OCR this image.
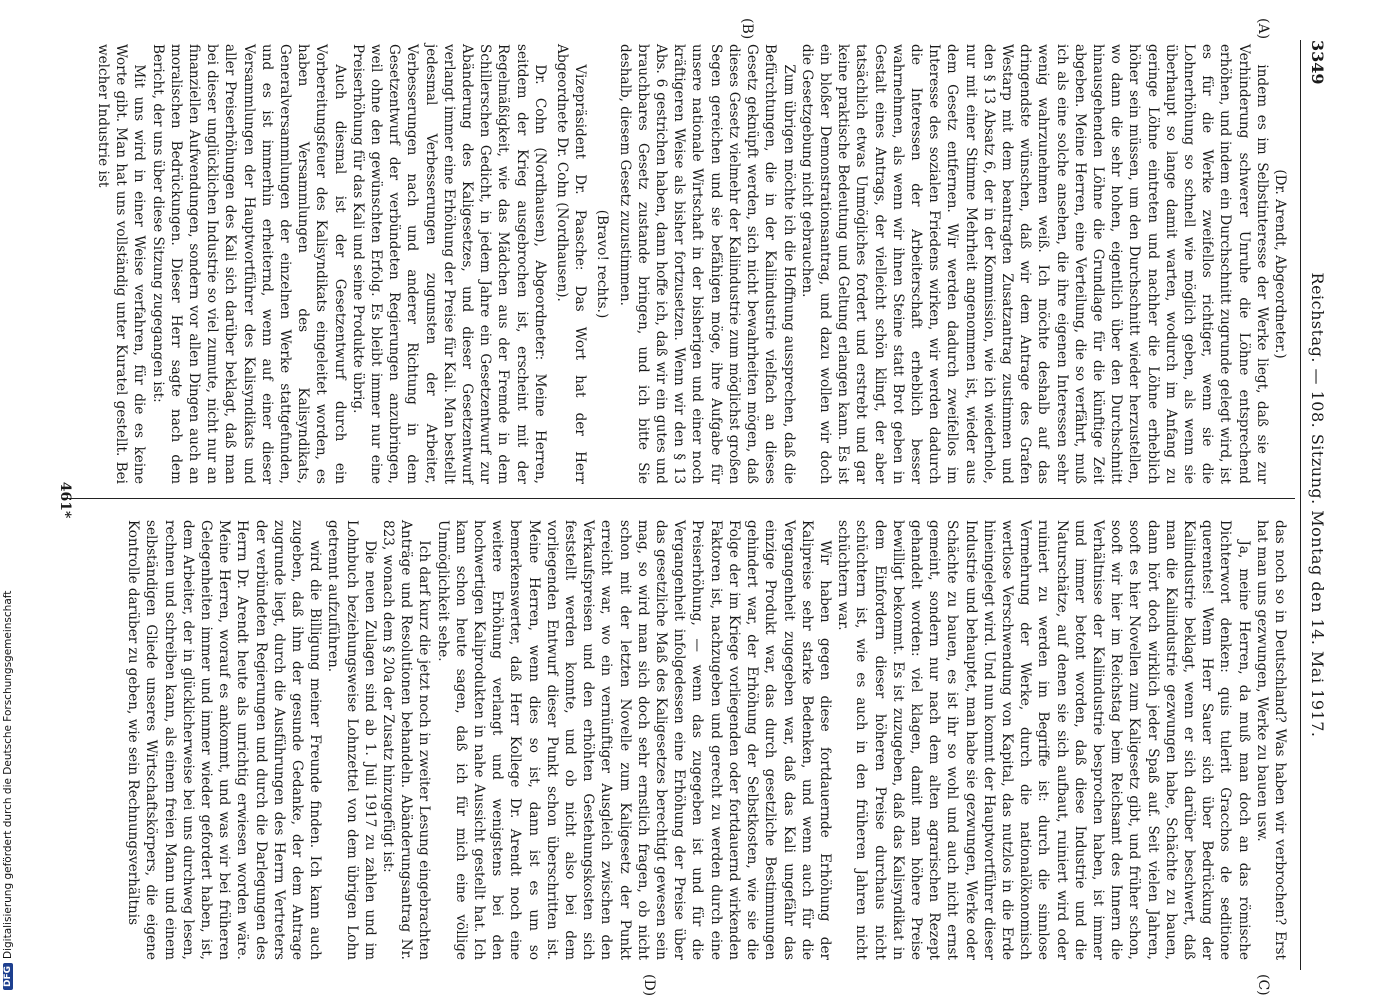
3349
Reichstag. — 108. Sitzung. Montag den 14. Mai 1917.
(A)
(B)
(C)
(D)

(Dr. Arendt, Abgeordneter.)

indem es im Selbstinteresse der Werke liegt, daß sie zur Verhinderung schwerer Unruhe die Löhne entsprechend erhöhen, und indem ein Durchschnitt zugrunde gelegt wird, ist es für die Werke zweifellos richtiger, wenn sie die Lohnerhöhung so schnell wie möglich geben, als wenn sie überhaupt so lange damit warten, wodurch im Anfang zu geringe Löhne eintreten und nachher die Löhne erheblich höher sein müssen, um den Durchschnitt wieder herzustellen, wo dann die sehr hohen, eigentlich über den Durchschnitt hinausgehenden Löhne die Grundlage für die künftige Zeit abgeben. Meine Herren, eine Verteilung, die so verfährt, muß ich als eine solche ansehen, die ihre eigenen Interessen sehr wenig wahrzunehmen weiß. Ich möchte deshalb auf das dringendste wünschen, daß wir dem Antrage des Grafen Westarp mit dem beantragten Zusatzantrag zustimmen und den § 13 Absatz 6, der in der Kommission, wie ich wiederhole, nur mit einer Stimme Mehrheit angenommen ist, wieder aus dem Gesetz entfernen. Wir werden dadurch zweifellos im Interesse des sozialen Friedens wirken, wir werden dadurch die Interessen der Arbeiterschaft erheblich besser wahrnehmen, als wenn wir ihnen Steine statt Brot geben in Gestalt eines Antrags, der vielleicht schön klingt, der aber tatsächlich etwas Unmögliches fordert und erstrebt und gar keine praktische Bedeutung und Geltung erlangen kann. Es ist ein bloßer Demonstrationsantrag, und dazu wollen wir doch die Gesetzgebung nicht gebrauchen.

Zum übrigen möchte ich die Hoffnung aussprechen, daß die Befürchtungen, die in der Kaliindustrie vielfach an dieses Gesetz geknüpft werden, sich nicht bewahrheiten mögen, daß dieses Gesetz vielmehr der Kaliindustrie zum möglichst großen Segen gereichen und sie befähigen möge, ihre Aufgabe für unsere nationale Wirtschaft in der bisherigen und einer noch kräftigeren Weise als bisher fortzusetzen. Wenn wir den § 13 Abs. 6 gestrichen haben, dann hoffe ich, daß wir ein gutes und brauchbares Gesetz zustande bringen, und ich bitte Sie deshalb, diesem Gesetz zuzustimmen.

(Bravo! rechts.)

Vizepräsident Dr. Paasche: Das Wort hat der Herr Abgeordnete Dr. Cohn (Nordhausen).

Dr. Cohn (Nordhausen), Abgeordneter: Meine Herren, seitdem der Krieg ausgebrochen ist, erscheint mit der Regelmäßigkeit, wie das Mädchen aus der Fremde in dem Schillerschen Gedicht, in jedem Jahre ein Gesetzentwurf zur Abänderung des Kaligesetzes, und dieser Gesetzentwurf verlangt immer eine Erhöhung der Preise für Kali. Man bestellt jedesmal Verbesserungen zugunsten der Arbeiter, Verbesserungen nach und anderer Richtung in dem Gesetzentwurf der verbündeten Regierungen anzubringen, weil ohne den gewünschten Erfolg. Es bleibt immer nur eine Preiserhöhung für das Kali und seine Produkte übrig.

Auch diesmal ist der Gesetzentwurf durch ein Vorbereitungsfeuer des Kalisyndikats eingeleitet worden, es haben Versammlungen des Kalisyndikats, Generalversammlungen der einzelnen Werke stattgefunden, und es ist immerhin erheiternd, wenn auf einer dieser Versammlungen der Hauptwortführer des Kalisyndikats und aller Preiserhöhungen des Kali sich darüber beklagt, daß man bei dieser unglücklichen Industrie so viel zumute, nicht nur an finanziellen Aufwendungen, sondern vor allen Dingen auch an moralischen Bedrückungen. Dieser Herr sagte nach dem Bericht, der uns über diese Sitzung zugegangen ist:

Mit uns wird in einer Weise verfahren, für die es keine Worte gibt. Man hat uns vollständig unter Kuratel gestellt. Bei welcher Industrie ist

das noch so in Deutschland? Was haben wir verbrochen? Erst hat man uns gezwungen, Werke zu bauen usw.

Ja, meine Herren, da muß man doch an das römische Dichterwort denken: quis tulerit Gracchos de seditione querentes! Wenn Herr Sauer sich über Bedrückung der Kaliindustrie beklagt, wenn er sich darüber beschwert, daß man die Kaliindustrie gezwungen habe, Schächte zu bauen, dann hört doch wirklich jeder Spaß auf. Seit vielen Jahren, sooft es hier Novellen zum Kaligesetz gibt, und früher schon, sooft wir hier im Reichstag beim Reichsamt des Innern die Verhältnisse der Kaliindustrie besprochen haben, ist immer und immer betont worden, daß diese Industrie und die Naturschätze, auf denen sie sich aufbaut, ruiniert wird oder ruiniert zu werden im Begriffe ist: durch die sinnlose Vermehrung der Werke, durch die nationalökonomisch wertlose Verschwendung von Kapital, das nutzlos in die Erde hineingelegt wird. Und nun kommt der Hauptwortführer dieser Industrie und behauptet, man habe sie gezwungen, Werke oder Schächte zu bauen, es ist ihr so wohl und auch nicht ernst gemeint, sondern nur nach dem alten agrarischen Rezept gehandelt worden: viel klagen, damit man höhere Preise bewilligt bekommt. Es ist zuzugeben, daß das Kalisyndikat in dem Einfordern dieser höheren Preise durchaus nicht schüchtern ist, wie es auch in den früheren Jahren nicht schüchtern war.

Wir haben gegen diese fortdauernde Erhöhung der Kalipreise sehr starke Bedenken, und wenn auch für die Vergangenheit zugegeben war, daß das Kali ungefähr das einzige Produkt war, das durch gesetzliche Bestimmungen gehindert war, der Erhöhung der Selbstkosten, wie sie die Folge der im Kriege vorliegenden oder fortdauernd wirkenden Faktoren ist, nachzugeben und gerecht zu werden durch eine Preiserhöhung, — wenn das zugegeben ist und für die Vergangenheit infolgedessen eine Erhöhung der Preise über das gesetzliche Maß des Kaligesetzes berechtigt gewesen sein mag, so wird man sich doch sehr ernstlich fragen, ob nicht schon mit der letzten Novelle zum Kaligesetz der Punkt erreicht war, wo ein vernünftiger Ausgleich zwischen den Verkaufspreisen und den erhöhten Gestehungskosten sich feststellt werden konnte, und ob nicht also bei dem vorliegenden Entwurf dieser Punkt schon überschritten ist. Meine Herren, wenn dies so ist, dann ist es um so bemerkenswerter, daß Herr Kollege Dr. Arendt noch eine weitere Erhöhung verlangt und wenigstens bei den hochwertigen Kaliprodukten in nahe Aussicht gestellt hat. Ich kann schon heute sagen, daß ich für mich eine völlige Unmöglichkeit sehe.

Ich darf kurz die jetzt noch in zweiter Lesung eingebrachten Anträge und Resolutionen behandeln. Abänderungsantrag Nr. 823, wonach dem § 20a der Zusatz hinzugefügt ist:

Die neuen Zulagen sind ab 1. Juli 1917 zu zahlen und im Lohnbuch beziehungsweise Lohnzettel von dem übrigen Lohn getrennt aufzuführen.

wird die Billigung meiner Freunde finden. Ich kann auch zugeben, daß ihm der gesunde Gedanke, der dem Antrage zugrunde liegt, durch die Ausführungen des Herrn Vertreters der verbündeten Regierungen und durch die Darlegungen des Herrn Dr. Arendt heute als unrichtig erwiesen worden wäre. Meine Herren, worauf es ankommt, und was wir bei früheren Gelegenheiten immer und immer wieder gefordert haben, ist, dem Arbeiter, der in glücklicherweise bei uns durchweg lesen, rechnen und schreiben kann, als einem freien Mann und einem selbständigen Gliede unseres Wirtschaftskörpers, die eigene Kontrolle darüber zu geben, wie sein Rechnungsverhältnis

461*
DFGDigitalisierung gefördert durch die Deutsche Forschungsgemeinschaft
